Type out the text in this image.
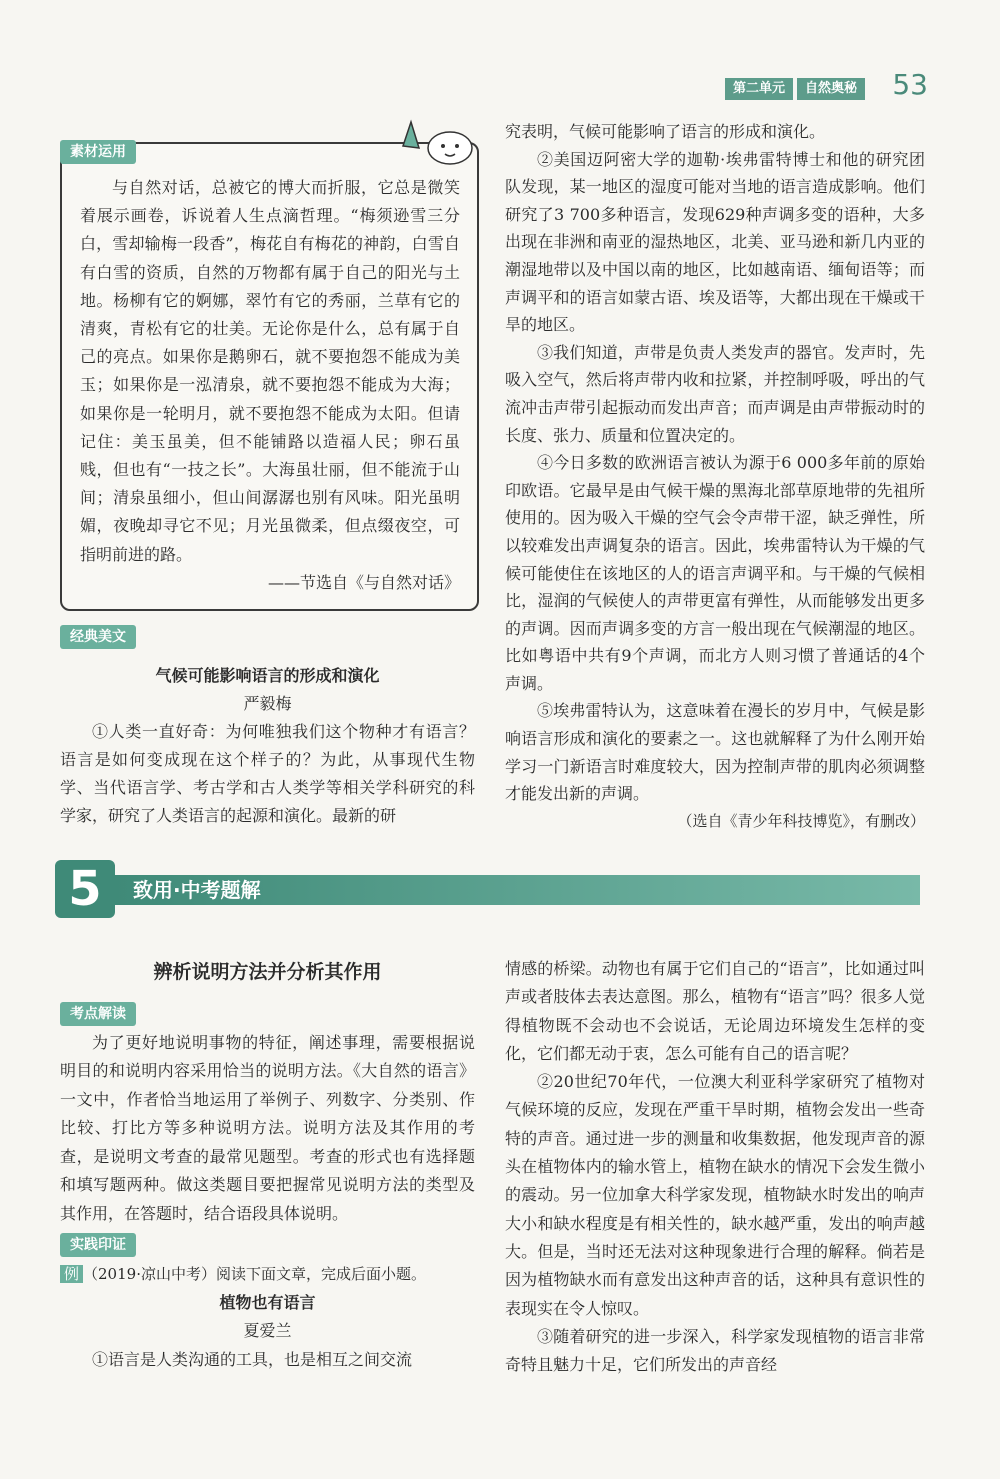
第二单元	自然奥秘 53
素材运用

与自然对话，总被它的博大而折服，它总是微笑着展示画卷，诉说着人生点滴哲理。“梅须逊雪三分白，雪却输梅一段香”，梅花自有梅花的神韵，白雪自有白雪的资质，自然的万物都有属于自己的阳光与土地。杨柳有它的婀娜，翠竹有它的秀丽，兰草有它的清爽，青松有它的壮美。无论你是什么，总有属于自己的亮点。如果你是鹅卵石，就不要抱怨不能成为美玉；如果你是一泓清泉，就不要抱怨不能成为大海；如果你是一轮明月，就不要抱怨不能成为太阳。但请记住：美玉虽美，但不能铺路以造福人民；卵石虽贱，但也有“一技之长”。大海虽壮丽，但不能流于山间；清泉虽细小，但山间潺潺也别有风味。阳光虽明媚，夜晚却寻它不见；月光虽微柔，但点缀夜空，可指明前进的路。

——节选自《与自然对话》
经典美文
气候可能影响语言的形成和演化
严毅梅

①人类一直好奇：为何唯独我们这个物种才有语言？语言是如何变成现在这个样子的？为此，从事现代生物学、当代语言学、考古学和古人类学等相关学科研究的科学家，研究了人类语言的起源和演化。最新的研

究表明，气候可能影响了语言的形成和演化。

②美国迈阿密大学的迦勒·埃弗雷特博士和他的研究团队发现，某一地区的湿度可能对当地的语言造成影响。他们研究了3 700多种语言，发现629种声调多变的语种，大多出现在非洲和南亚的湿热地区，北美、亚马逊和新几内亚的潮湿地带以及中国以南的地区，比如越南语、缅甸语等；而声调平和的语言如蒙古语、埃及语等，大都出现在干燥或干旱的地区。

③我们知道，声带是负责人类发声的器官。发声时，先吸入空气，然后将声带内收和拉紧，并控制呼吸，呼出的气流冲击声带引起振动而发出声音；而声调是由声带振动时的长度、张力、质量和位置决定的。

④今日多数的欧洲语言被认为源于6 000多年前的原始印欧语。它最早是由气候干燥的黑海北部草原地带的先祖所使用的。因为吸入干燥的空气会令声带干涩，缺乏弹性，所以较难发出声调复杂的语言。因此，埃弗雷特认为干燥的气候可能使住在该地区的人的语言声调平和。与干燥的气候相比，湿润的气候使人的声带更富有弹性，从而能够发出更多的声调。因而声调多变的方言一般出现在气候潮湿的地区。比如粤语中共有9个声调，而北方人则习惯了普通话的4个声调。

⑤埃弗雷特认为，这意味着在漫长的岁月中，气候是影响语言形成和演化的要素之一。这也就解释了为什么刚开始学习一门新语言时难度较大，因为控制声带的肌肉必须调整才能发出新的声调。

（选自《青少年科技博览》，有删改）
5	致用·中考题解
辨析说明方法并分析其作用
考点解读

为了更好地说明事物的特征，阐述事理，需要根据说明目的和说明内容采用恰当的说明方法。《大自然的语言》一文中，作者恰当地运用了举例子、列数字、分类别、作比较、打比方等多种说明方法。说明方法及其作用的考查，是说明文考查的最常见题型。考查的形式也有选择题和填写题两种。做这类题目要把握常见说明方法的类型及其作用，在答题时，结合语段具体说明。

实践印证

例 （2019·凉山中考）阅读下面文章，完成后面小题。

植物也有语言
夏爱兰

①语言是人类沟通的工具，也是相互之间交流

情感的桥梁。动物也有属于它们自己的“语言”，比如通过叫声或者肢体去表达意图。那么，植物有“语言”吗？很多人觉得植物既不会动也不会说话，无论周边环境发生怎样的变化，它们都无动于衷，怎么可能有自己的语言呢？

②20世纪70年代，一位澳大利亚科学家研究了植物对气候环境的反应，发现在严重干旱时期，植物会发出一些奇特的声音。通过进一步的测量和收集数据，他发现声音的源头在植物体内的输水管上，植物在缺水的情况下会发生微小的震动。另一位加拿大科学家发现，植物缺水时发出的响声大小和缺水程度是有相关性的，缺水越严重，发出的响声越大。但是，当时还无法对这种现象进行合理的解释。倘若是因为植物缺水而有意发出这种声音的话，这种具有意识性的表现实在令人惊叹。

③随着研究的进一步深入，科学家发现植物的语言非常奇特且魅力十足，它们所发出的声音经
